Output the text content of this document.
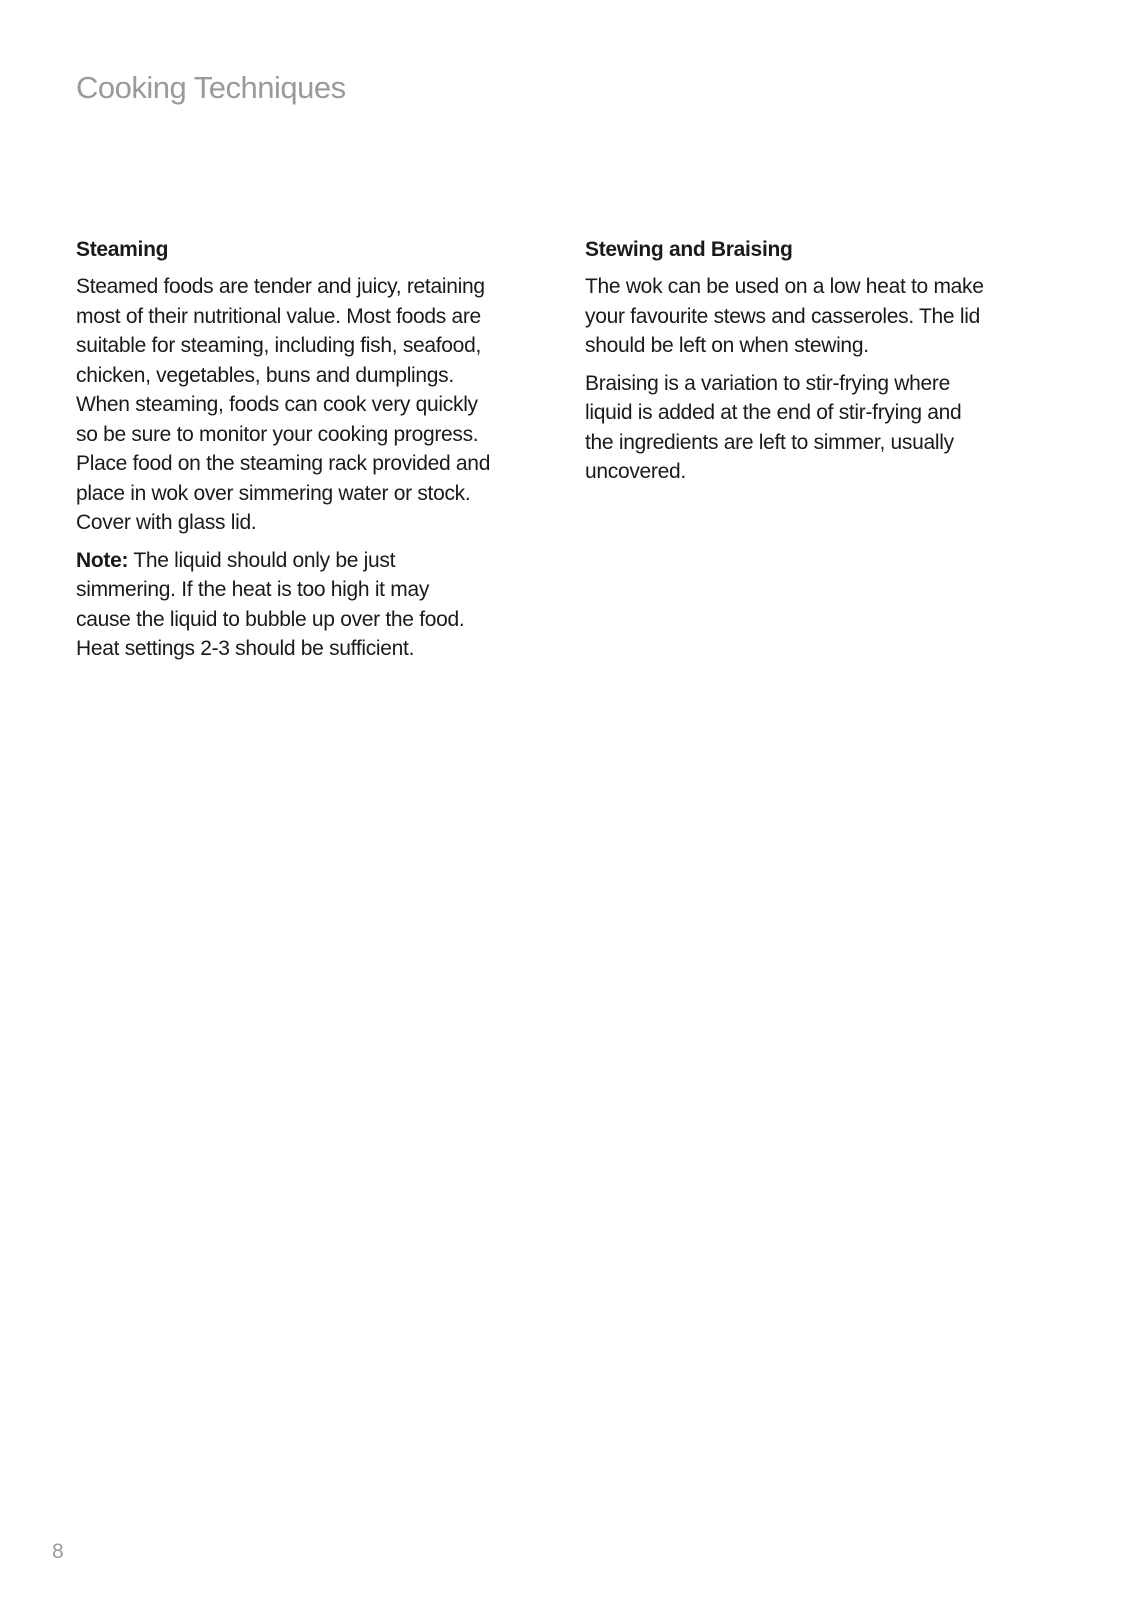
Cooking Techniques
Steaming

Steamed foods are tender and juicy, retaining
most of their nutritional value. Most foods are
suitable for steaming, including fish, seafood,
chicken, vegetables, buns and dumplings.
When steaming, foods can cook very quickly
so be sure to monitor your cooking progress.
Place food on the steaming rack provided and
place in wok over simmering water or stock.
Cover with glass lid.

Note: The liquid should only be just
simmering. If the heat is too high it may
cause the liquid to bubble up over the food.
Heat settings 2-3 should be sufficient.

Stewing and Braising

The wok can be used on a low heat to make
your favourite stews and casseroles. The lid
should be left on when stewing.

Braising is a variation to stir-frying where
liquid is added at the end of stir-frying and
the ingredients are left to simmer, usually
uncovered.

8
